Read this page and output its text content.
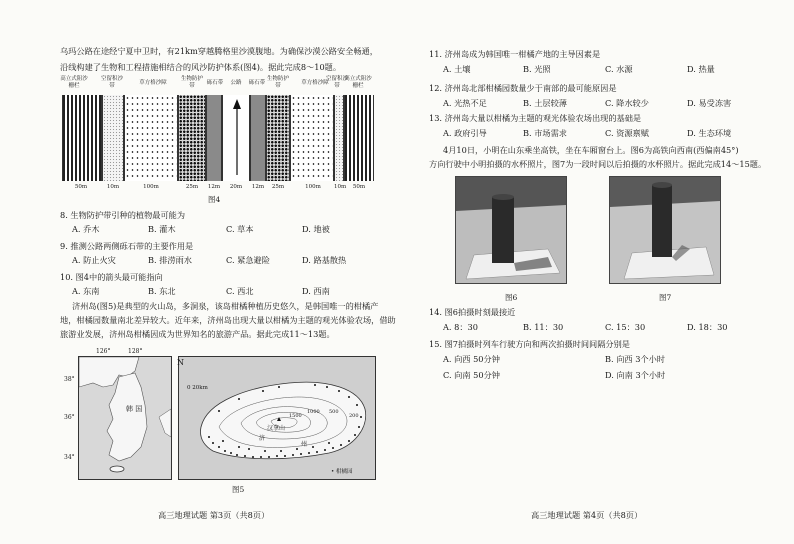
乌玛公路在途经宁夏中卫时，有21km穿越腾格里沙漠腹地。为确保沙漠公路安全畅通，
沿线构建了生物和工程措施相结合的风沙防护体系(图4)。据此完成8～10题。
高立式阻沙栅栏
空留积沙带	草方格沙障
生物防护带	砾石带	公路	砾石带
生物防护带	草方格沙障
空留积沙带
高立式阻沙栅栏
50m	10m	100m	25m	12m	20m	12m	25m	100m	10m	50m
图4
8. 生物防护带引种的植物最可能为
A. 乔木	B. 灌木	C. 草本	D. 地被
9. 推测公路两侧砾石带的主要作用是
A. 防止火灾	B. 排涝雨水	C. 紧急避险	D. 路基散热
10. 图4中的箭头最可能指向
A. 东南	B. 东北	C. 西北	D. 西南
济州岛(图5)是典型的火山岛，多洞泉，该岛柑橘种植历史悠久，是韩国唯一的柑橘产
地，柑橘园数量南北差异较大。近年来，济州岛出现大量以柑橘为主题的观光体验农场，借助
旅游业发展，济州岛柑橘因成为世界知名的旅游产品。据此完成11～13题。
126°	128°
38°
36°
34°
韩 国
N
0 20km
汉拿山
200
500
1000
1500
济
州
• 柑橘园
图5
高三地理试题 第3页（共8页）
11. 济州岛成为韩国唯一柑橘产地的主导因素是
A. 土壤	B. 光照	C. 水源	D. 热量
12. 济州岛北部柑橘园数量少于南部的最可能原因是
A. 光热不足	B. 土层较薄	C. 降水较少	D. 易受冻害
13. 济州岛大量以柑橘为主题的观光体验农场出现的基础是
A. 政府引导	B. 市场需求	C. 资源禀赋	D. 生态环境
4月10日，小明在山东乘坐高铁，坐在车厢窗台上。图6为高铁向西南(西偏南45°)
方向行驶中小明拍摄的水杯照片，图7为一段时间以后拍摄的水杯照片。据此完成14～15题。
图6	图7
14. 图6拍摄时刻最接近
A. 8：30	B. 11：30	C. 15：30	D. 18：30
15. 图7拍摄时列车行驶方向和两次拍摄时间间隔分别是
A. 向西 50分钟	B. 向西 3个小时
C. 向南 50分钟	D. 向南 3个小时
高三地理试题 第4页（共8页）
